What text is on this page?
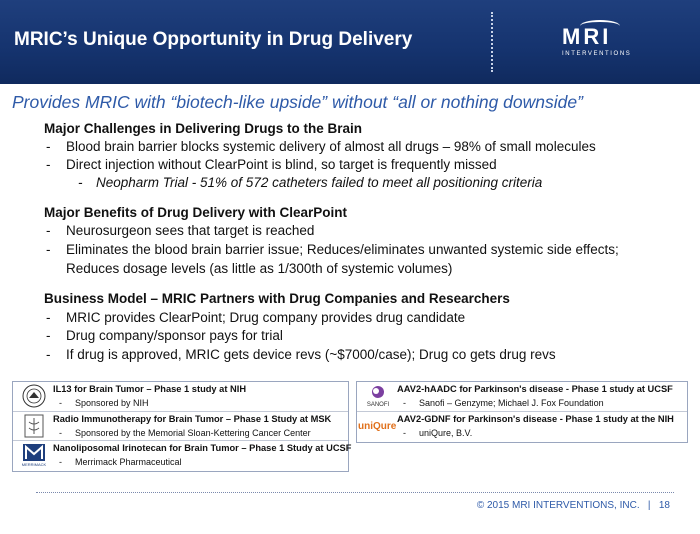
MRIC’s Unique Opportunity in Drug Delivery	MRI
INTERVENTIONS
Provides MRIC with “biotech-like upside” without “all or nothing downside”
Major Challenges in Delivering Drugs to the Brain
- Blood brain barrier blocks systemic delivery of almost all drugs – 98% of small molecules
- Direct injection without ClearPoint is blind, so target is frequently missed
- Neopharm Trial - 51% of 572 catheters failed to meet all positioning criteria
Major Benefits of Drug Delivery with ClearPoint
- Neurosurgeon sees that target is reached
- Eliminates the blood brain barrier issue; Reduces/eliminates unwanted systemic side effects;
Reduces dosage levels (as little as 1/300th of systemic volumes)
Business Model – MRIC Partners with Drug Companies and Researchers
- MRIC provides ClearPoint; Drug company provides drug candidate
- Drug company/sponsor pays for trial
- If drug is approved, MRIC gets device revs (~$7000/case); Drug co gets drug revs
IL13 for Brain Tumor – Phase 1 study at NIH
- Sponsored by NIH
Radio Immunotherapy for Brain Tumor – Phase 1 Study at MSK
- Sponsored by the Memorial Sloan-Kettering Cancer Center
MERRIMACK
Nanoliposomal Irinotecan for Brain Tumor – Phase 1 Study at UCSF
- Merrimack Pharmaceutical
SANOFI
AAV2-hAADC for Parkinson's disease - Phase 1 study at UCSF
- Sanofi – Genzyme; Michael J. Fox Foundation
uniQure
AAV2-GDNF for Parkinson's disease - Phase 1 study at the NIH
- uniQure, B.V.
© 2015 MRI INTERVENTIONS, INC.   |   18
